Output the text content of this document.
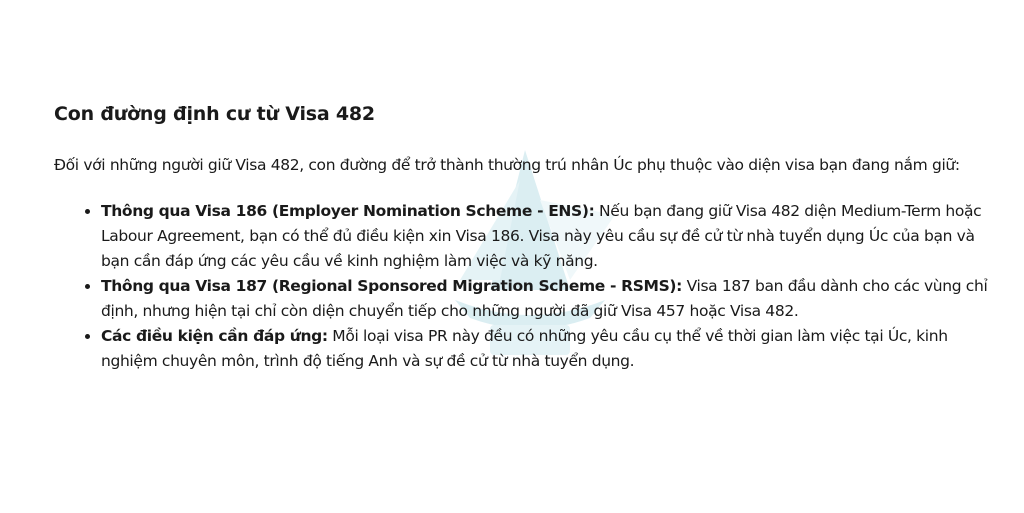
Con đường định cư từ Visa 482

Đối với những người giữ Visa 482, con đường để trở thành thường trú nhân Úc phụ thuộc vào diện visa bạn đang nắm giữ:

• Thông qua Visa 186 (Employer Nomination Scheme - ENS): Nếu bạn đang giữ Visa 482 diện Medium-Term hoặc Labour Agreement, bạn có thể đủ điều kiện xin Visa 186. Visa này yêu cầu sự đề cử từ nhà tuyển dụng Úc của bạn và bạn cần đáp ứng các yêu cầu về kinh nghiệm làm việc và kỹ năng.
• Thông qua Visa 187 (Regional Sponsored Migration Scheme - RSMS): Visa 187 ban đầu dành cho các vùng chỉ định, nhưng hiện tại chỉ còn diện chuyển tiếp cho những người đã giữ Visa 457 hoặc Visa 482.
• Các điều kiện cần đáp ứng: Mỗi loại visa PR này đều có những yêu cầu cụ thể về thời gian làm việc tại Úc, kinh nghiệm chuyên môn, trình độ tiếng Anh và sự đề cử từ nhà tuyển dụng.
